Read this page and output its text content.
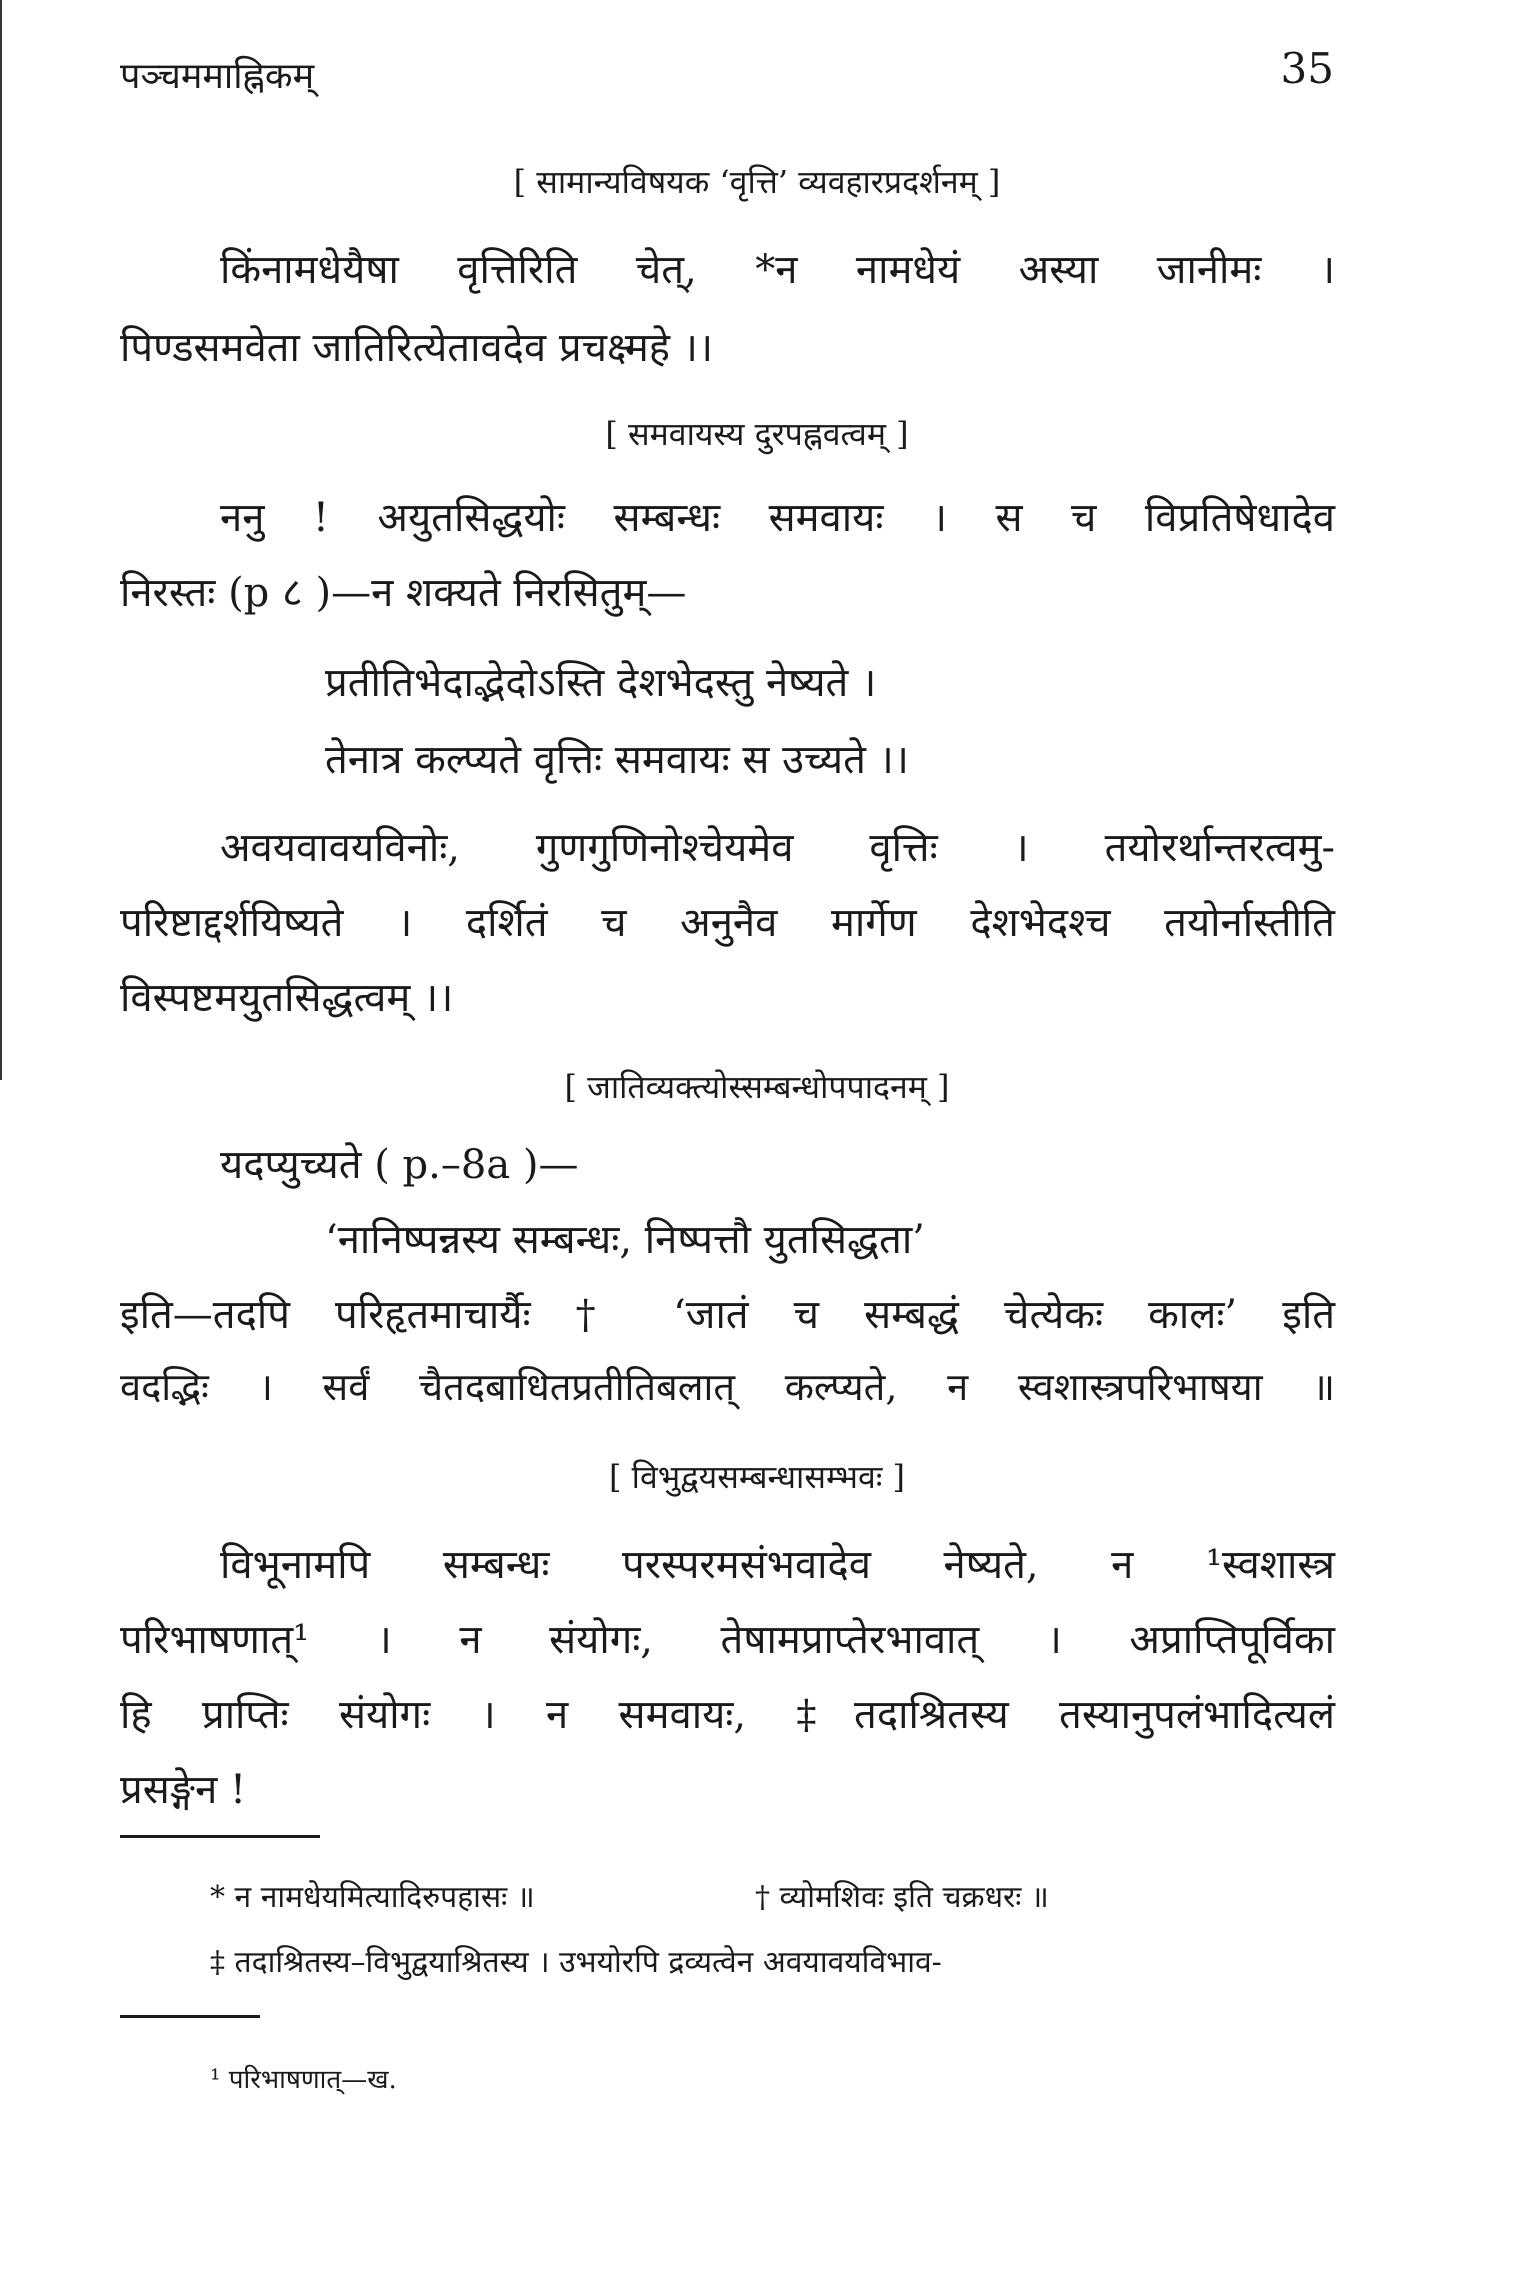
पञ्चममाह्निकम्	35
[ सामान्यविषयक ‘वृत्ति’ व्यवहारप्रदर्शनम् ]
किंनामधेयैषा वृत्तिरिति चेत्, *न नामधेयं अस्या जानीमः ।
पिण्डसमवेता जातिरित्येतावदेव प्रचक्ष्महे ।।
[ समवायस्य दुरपह्नवत्वम् ]
ननु ! अयुतसिद्धयोः सम्बन्धः समवायः । स च विप्रतिषेधादेव
निरस्तः (p ८ )—न शक्यते निरसितुम्—
प्रतीतिभेदाद्भेदोऽस्ति देशभेदस्तु नेष्यते ।
तेनात्र कल्प्यते वृत्तिः समवायः स उच्यते ।।
अवयवावयविनोः, गुणगुणिनोश्चेयमेव वृत्तिः । तयोरर्थान्तरत्वमु-
परिष्टाद्दर्शयिष्यते । दर्शितं च अनुनैव मार्गेण देशभेदश्च तयोर्नास्तीति
विस्पष्टमयुतसिद्धत्वम् ।।
[ जातिव्यक्त्योस्सम्बन्धोपपादनम् ]
यदप्युच्यते ( p.–8a )—
‘नानिष्पन्नस्य सम्बन्धः, निष्पत्तौ युतसिद्धता’
इति—तदपि परिहृतमाचार्यैः † ‘जातं च सम्बद्धं चेत्येकः कालः’ इति
वदद्भिः । सर्वं चैतदबाधितप्रतीतिबलात् कल्प्यते, न स्वशास्त्रपरिभाषया ॥
[ विभुद्वयसम्बन्धासम्भवः ]
विभूनामपि सम्बन्धः परस्परमसंभवादेव नेष्यते, न ¹स्वशास्त्र
परिभाषणात्¹ । न संयोगः, तेषामप्राप्तेरभावात् । अप्राप्तिपूर्विका
हि प्राप्तिः संयोगः । न समवायः, ‡तदाश्रितस्य तस्यानुपलंभादित्यलं
प्रसङ्गेन !
* न नामधेयमित्यादिरुपहासः ॥	† व्योमशिवः इति चक्रधरः ॥
‡ तदाश्रितस्य–विभुद्वयाश्रितस्य । उभयोरपि द्रव्यत्वेन अवयावयविभाव-
¹ परिभाषणात्—ख.
